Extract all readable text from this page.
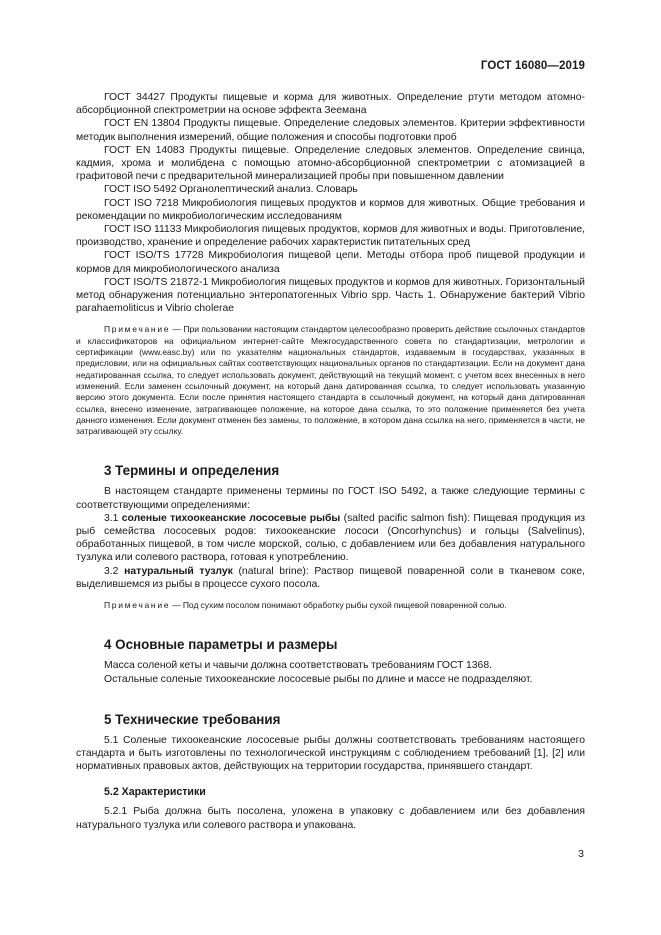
ГОСТ 16080—2019

ГОСТ 34427 Продукты пищевые и корма для животных. Определение ртути методом атомно-абсорбционной спектрометрии на основе эффекта Зеемана

ГОСТ EN 13804 Продукты пищевые. Определение следовых элементов. Критерии эффективности методик выполнения измерений, общие положения и способы подготовки проб

ГОСТ EN 14083 Продукты пищевые. Определение следовых элементов. Определение свинца, кадмия, хрома и молибдена с помощью атомно-абсорбционной спектрометрии с атомизацией в графитовой печи с предварительной минерализацией пробы при повышенном давлении

ГОСТ ISO 5492 Органолептический анализ. Словарь

ГОСТ ISO 7218 Микробиология пищевых продуктов и кормов для животных. Общие требования и рекомендации по микробиологическим исследованиям

ГОСТ ISO 11133 Микробиология пищевых продуктов, кормов для животных и воды. Приготовление, производство, хранение и определение рабочих характеристик питательных сред

ГОСТ ISO/TS 17728 Микробиология пищевой цепи. Методы отбора проб пищевой продукции и кормов для микробиологического анализа

ГОСТ ISO/TS 21872-1 Микробиология пищевых продуктов и кормов для животных. Горизонтальный метод обнаружения потенциально энтеропатогенных Vibrio spp. Часть 1. Обнаружение бактерий Vibrio parahaemoliticus и Vibrio cholerae

Примечание — При пользовании настоящим стандартом целесообразно проверить действие ссылочных стандартов и классификаторов на официальном интернет-сайте Межгосударственного совета по стандартизации, метрологии и сертификации (www.easc.by) или по указателям национальных стандартов, издаваемым в государствах, указанных в предисловии, или на официальных сайтах соответствующих национальных органов по стандартизации. Если на документ дана недатированная ссылка, то следует использовать документ, действующий на текущий момент, с учетом всех внесенных в него изменений. Если заменен ссылочный документ, на который дана датированная ссылка, то следует использовать указанную версию этого документа. Если после принятия настоящего стандарта в ссылочный документ, на который дана датированная ссылка, внесено изменение, затрагивающее положение, на которое дана ссылка, то это положение применяется без учета данного изменения. Если документ отменен без замены, то положение, в котором дана ссылка на него, применяется в части, не затрагивающей эту ссылку.

3 Термины и определения

В настоящем стандарте применены термины по ГОСТ ISO 5492, а также следующие термины с соответствующими определениями:

3.1 соленые тихоокеанские лососевые рыбы (salted pacific salmon fish): Пищевая продукция из рыб семейства лососевых родов: тихоокеанские лососи (Oncorhynchus) и гольцы (Salvelinus), обработанных пищевой, в том числе морской, солью, с добавлением или без добавления натурального тузлука или солевого раствора, готовая к употреблению.

3.2 натуральный тузлук (natural brine): Раствор пищевой поваренной соли в тканевом соке, выделившемся из рыбы в процессе сухого посола.

Примечание — Под сухим посолом понимают обработку рыбы сухой пищевой поваренной солью.

4 Основные параметры и размеры

Масса соленой кеты и чавычи должна соответствовать требованиям ГОСТ 1368.

Остальные соленые тихоокеанские лососевые рыбы по длине и массе не подразделяют.

5 Технические требования

5.1 Соленые тихоокеанские лососевые рыбы должны соответствовать требованиям настоящего стандарта и быть изготовлены по технологической инструкциям с соблюдением требований [1], [2] или нормативных правовых актов, действующих на территории государства, принявшего стандарт.

5.2 Характеристики

5.2.1 Рыба должна быть посолена, уложена в упаковку с добавлением или без добавления натурального тузлука или солевого раствора и упакована.

3
